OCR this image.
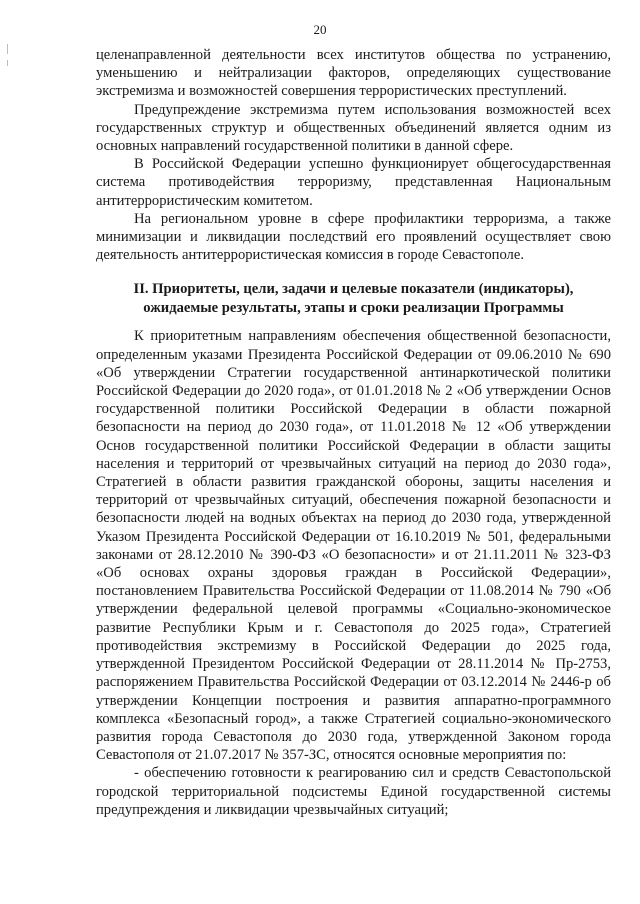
20

целенаправленной деятельности всех институтов общества по устранению, уменьшению и нейтрализации факторов, определяющих существование экстремизма и возможностей совершения террористических преступлений.

Предупреждение экстремизма путем использования возможностей всех государственных структур и общественных объединений является одним из основных направлений государственной политики в данной сфере.

В Российской Федерации успешно функционирует общегосударственная система противодействия терроризму, представленная Национальным антитеррористическим комитетом.

На региональном уровне в сфере профилактики терроризма, а также минимизации и ликвидации последствий его проявлений осуществляет свою деятельность антитеррористическая комиссия в городе Севастополе.

II. Приоритеты, цели, задачи и целевые показатели (индикаторы),
ожидаемые результаты, этапы и сроки реализации Программы

К приоритетным направлениям обеспечения общественной безопасности, определенным указами Президента Российской Федерации от 09.06.2010 № 690 «Об утверждении Стратегии государственной антинаркотической политики Российской Федерации до 2020 года», от 01.01.2018 № 2 «Об утверждении Основ государственной политики Российской Федерации в области пожарной безопасности на период до 2030 года», от 11.01.2018 № 12 «Об утверждении Основ государственной политики Российской Федерации в области защиты населения и территорий от чрезвычайных ситуаций на период до 2030 года», Стратегией в области развития гражданской обороны, защиты населения и территорий от чрезвычайных ситуаций, обеспечения пожарной безопасности и безопасности людей на водных объектах на период до 2030 года, утвержденной Указом Президента Российской Федерации от 16.10.2019 № 501, федеральными законами от 28.12.2010 № 390-ФЗ «О безопасности» и от 21.11.2011 № 323-ФЗ «Об основах охраны здоровья граждан в Российской Федерации», постановлением Правительства Российской Федерации от 11.08.2014 № 790 «Об утверждении федеральной целевой программы «Социально-экономическое развитие Республики Крым и г. Севастополя до 2025 года», Стратегией противодействия экстремизму в Российской Федерации до 2025 года, утвержденной Президентом Российской Федерации от 28.11.2014 № Пр-2753, распоряжением Правительства Российской Федерации от 03.12.2014 № 2446-р об утверждении Концепции построения и развития аппаратно-программного комплекса «Безопасный город», а также Стратегией социально-экономического развития города Севастополя до 2030 года, утвержденной Законом города Севастополя от 21.07.2017 № 357-ЗС, относятся основные мероприятия по:

- обеспечению готовности к реагированию сил и средств Севастопольской городской территориальной подсистемы Единой государственной системы предупреждения и ликвидации чрезвычайных ситуаций;
